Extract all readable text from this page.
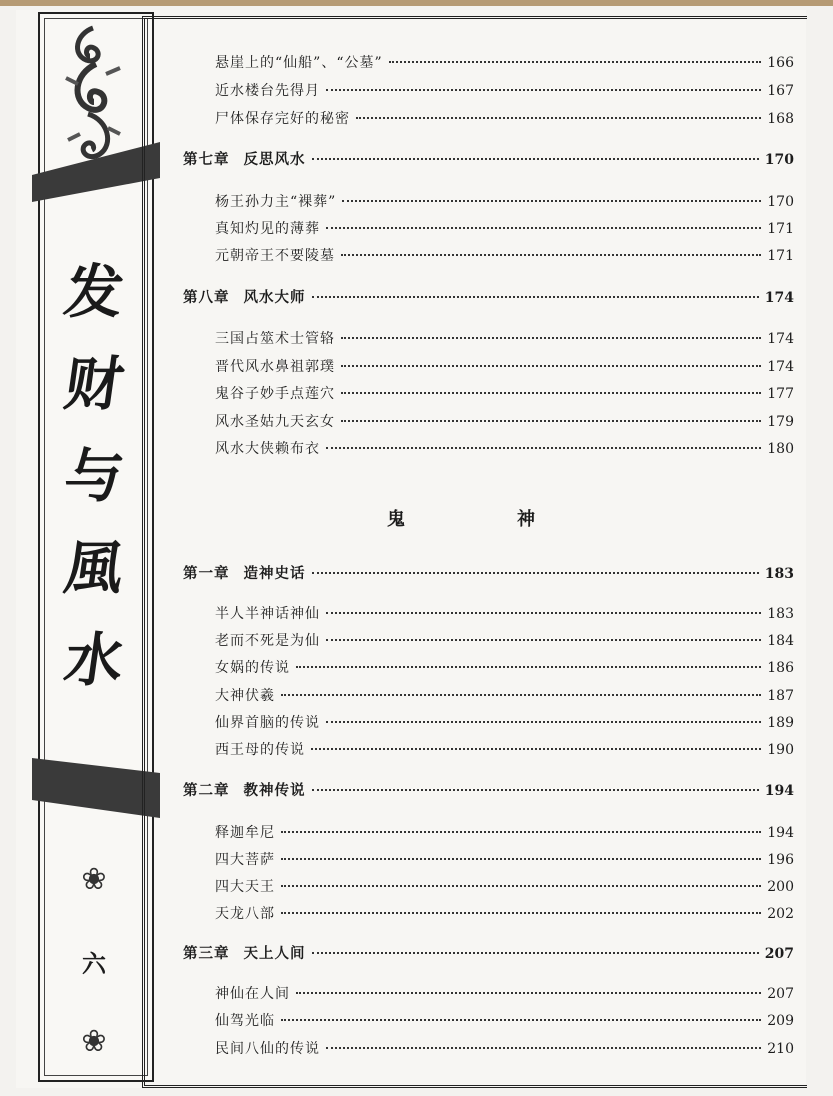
发
财
与
風
水
❀
六
❀
悬崖上的“仙船”、“公墓”	166
近水楼台先得月	167
尸体保存完好的秘密	168
第七章 反思风水	170
杨王孙力主“裸葬”	170
真知灼见的薄葬	171
元朝帝王不要陵墓	171
第八章 风水大师	174
三国占筮术士管辂	174
晋代风水鼻祖郭璞	174
鬼谷子妙手点莲穴	177
风水圣姑九天玄女	179
风水大侠赖布衣	180
第一章 造神史话	183
半人半神话神仙	183
老而不死是为仙	184
女娲的传说	186
大神伏羲	187
仙界首脑的传说	189
西王母的传说	190
第二章 教神传说	194
释迦牟尼	194
四大菩萨	196
四大天王	200
天龙八部	202
第三章 天上人间	207
神仙在人间	207
仙驾光临	209
民间八仙的传说	210
鬼	神
